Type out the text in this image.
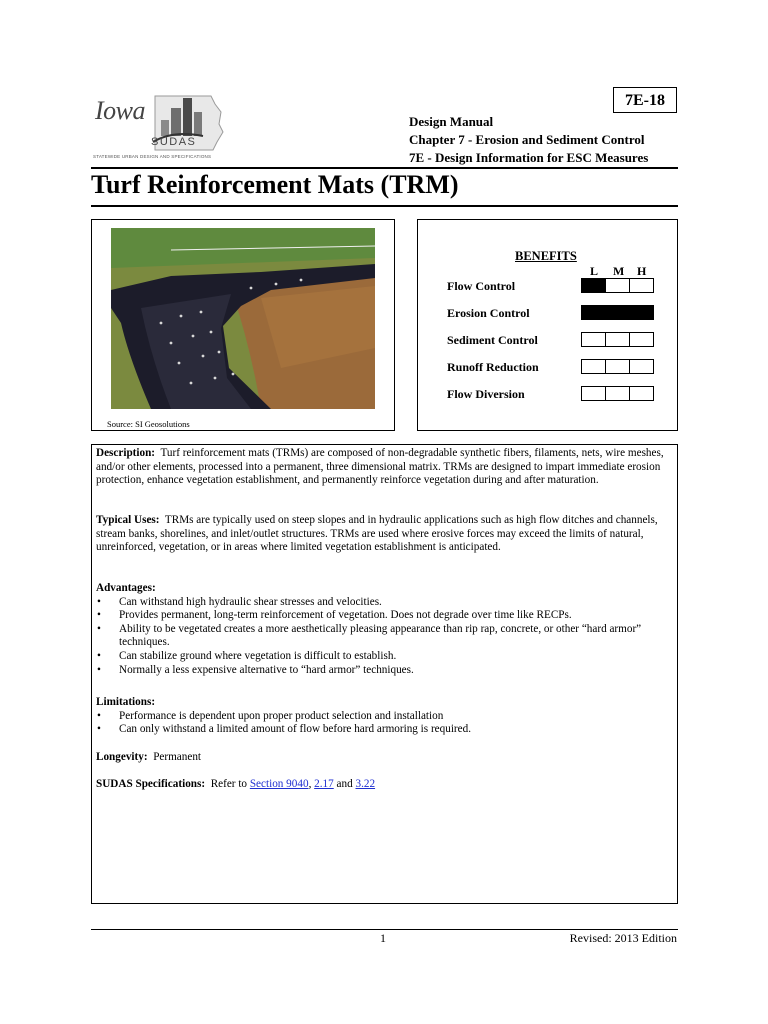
Iowa
SUDAS
STATEWIDE URBAN DESIGN AND SPECIFICATIONS
7E-18
Design Manual
Chapter 7 - Erosion and Sediment Control
7E - Design Information for ESC Measures
Turf Reinforcement Mats (TRM)
Source: SI Geosolutions
BENEFITS
L M H
Flow Control
Erosion Control
Sediment Control
Runoff Reduction
Flow Diversion

Description: Turf reinforcement mats (TRMs) are composed of non-degradable synthetic fibers, filaments, nets, wire meshes, and/or other elements, processed into a permanent, three dimensional matrix. TRMs are designed to impart immediate erosion protection, enhance vegetation establishment, and permanently reinforce vegetation during and after maturation.

Typical Uses: TRMs are typically used on steep slopes and in hydraulic applications such as high flow ditches and channels, stream banks, shorelines, and inlet/outlet structures. TRMs are used where erosive forces may exceed the limits of natural, unreinforced, vegetation, or in areas where limited vegetation establishment is anticipated.

Advantages:

• Can withstand high hydraulic shear stresses and velocities.

• Provides permanent, long-term reinforcement of vegetation. Does not degrade over time like RECPs.

• Ability to be vegetated creates a more aesthetically pleasing appearance than rip rap, concrete, or other “hard armor” techniques.

• Can stabilize ground where vegetation is difficult to establish.

• Normally a less expensive alternative to “hard armor” techniques.

Limitations:

• Performance is dependent upon proper product selection and installation

• Can only withstand a limited amount of flow before hard armoring is required.

Longevity: Permanent

SUDAS Specifications: Refer to Section 9040, 2.17 and 3.22

1	Revised: 2013 Edition
